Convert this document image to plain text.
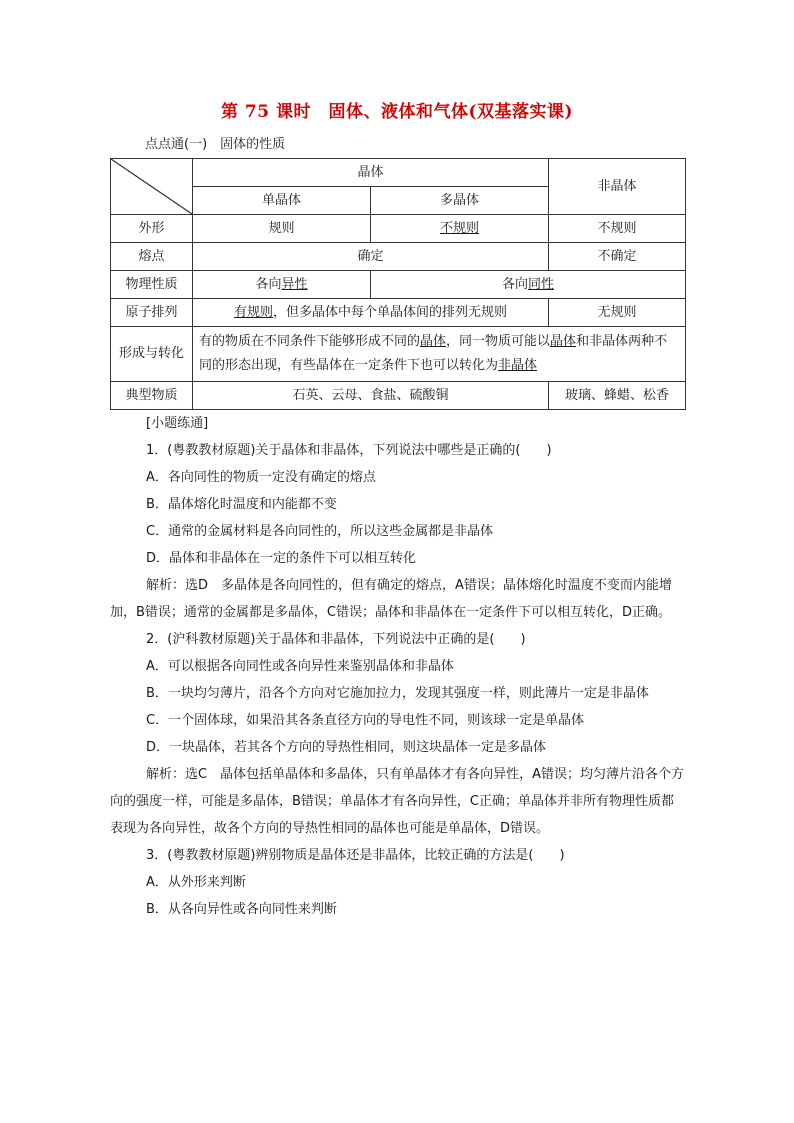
第 75 课时　固体、液体和气体(双基落实课)
点点通(一)　固体的性质
	晶体		非晶体
	单晶体	多晶体	
外形	规则	不规则	不规则
熔点	确定		不确定
物理性质	各向异性	各向同性	
原子排列	有规则，但多晶体中每个单晶体间的排列无规则		无规则
形成与转化	有的物质在不同条件下能够形成不同的晶体，同一物质可能以晶体和非晶体两种不同的形态出现，有些晶体在一定条件下也可以转化为非晶体		
典型物质	石英、云母、食盐、硫酸铜		玻璃、蜂蜡、松香

[小题练通]

1．(粤教教材原题)关于晶体和非晶体，下列说法中哪些是正确的(　　)

A．各向同性的物质一定没有确定的熔点

B．晶体熔化时温度和内能都不变

C．通常的金属材料是各向同性的，所以这些金属都是非晶体

D．晶体和非晶体在一定的条件下可以相互转化

解析：选D　多晶体是各向同性的，但有确定的熔点，A错误；晶体熔化时温度不变而内能增加，B错误；通常的金属都是多晶体，C错误；晶体和非晶体在一定条件下可以相互转化，D正确。

2．(沪科教材原题)关于晶体和非晶体，下列说法中正确的是(　　)

A．可以根据各向同性或各向异性来鉴别晶体和非晶体

B．一块均匀薄片，沿各个方向对它施加拉力，发现其强度一样，则此薄片一定是非晶体

C．一个固体球，如果沿其各条直径方向的导电性不同，则该球一定是单晶体

D．一块晶体，若其各个方向的导热性相同，则这块晶体一定是多晶体

解析：选C　晶体包括单晶体和多晶体，只有单晶体才有各向异性，A错误；均匀薄片沿各个方向的强度一样，可能是多晶体，B错误；单晶体才有各向异性，C正确；单晶体并非所有物理性质都表现为各向异性，故各个方向的导热性相同的晶体也可能是单晶体，D错误。

3．(粤教教材原题)辨别物质是晶体还是非晶体，比较正确的方法是(　　)

A．从外形来判断

B．从各向异性或各向同性来判断
